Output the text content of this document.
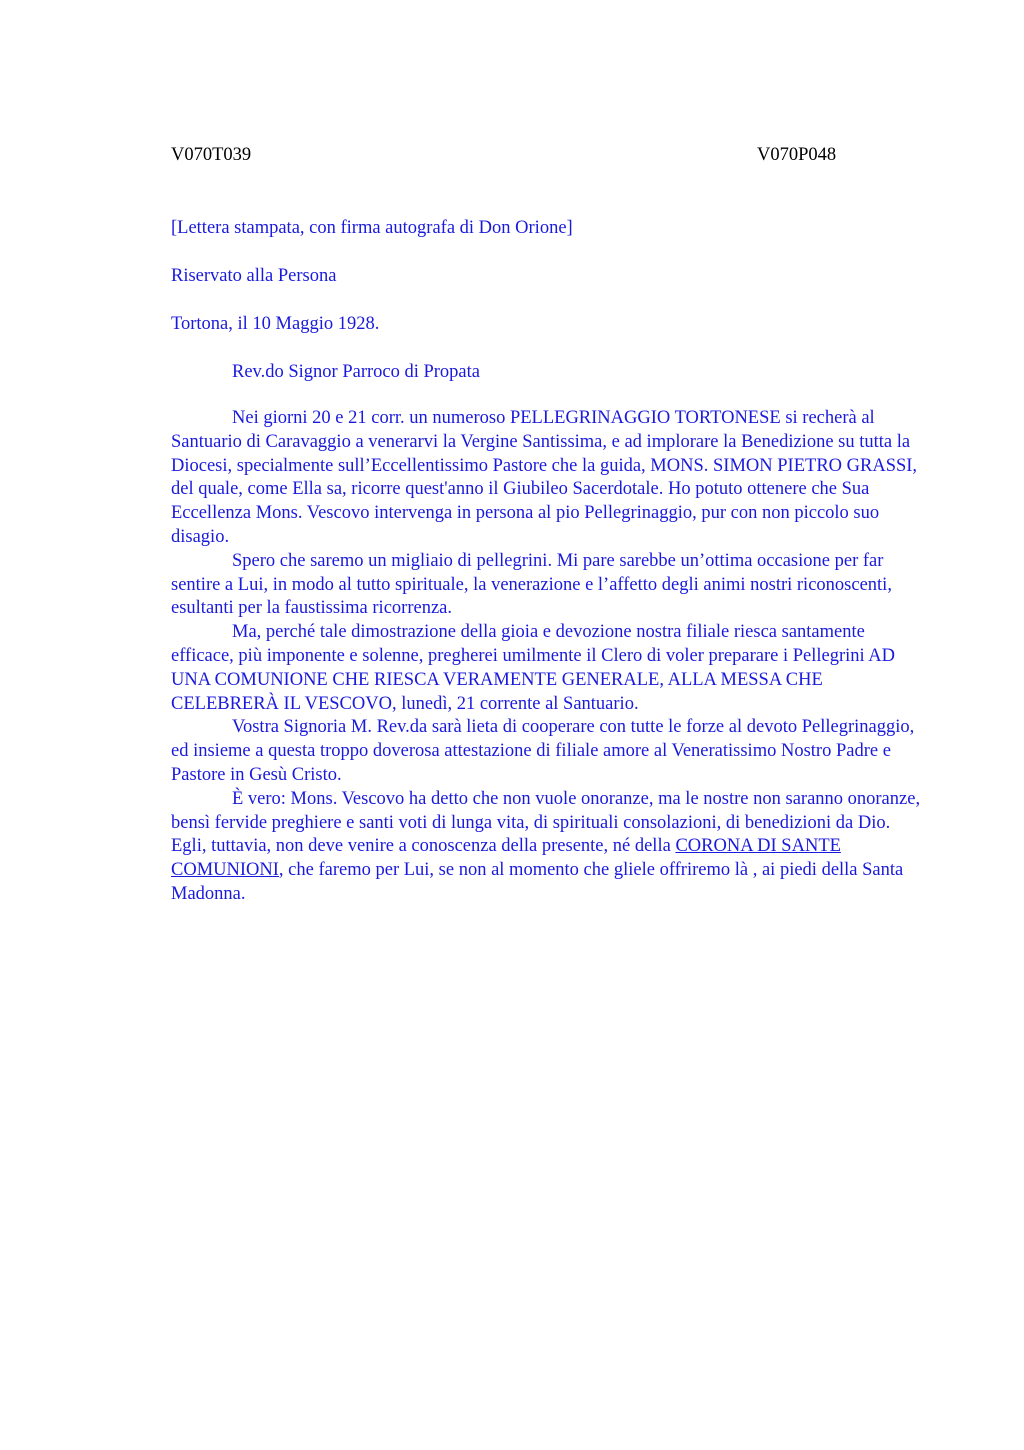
V070T039	V070P048
[Lettera stampata, con firma autografa di Don Orione]
Riservato alla Persona
Tortona, il 10 Maggio 1928.
Rev.do Signor Parroco di Propata

Nei giorni 20 e 21 corr. un numeroso PELLEGRINAGGIO TORTONESE si recherà al Santuario di Caravaggio a venerarvi la Vergine Santissima, e ad implorare la Benedizione su tutta la Diocesi, specialmente sull’Eccellentissimo Pastore che la guida, MONS. SIMON PIETRO GRASSI, del quale, come Ella sa, ricorre quest'anno il Giubileo Sacerdotale. Ho potuto ottenere che Sua Eccellenza Mons. Vescovo intervenga in persona al pio Pellegrinaggio, pur con non piccolo suo disagio.

Spero che saremo un migliaio di pellegrini. Mi pare sarebbe un’ottima occasione per far sentire a Lui, in modo al tutto spirituale, la venerazione e l’affetto degli animi nostri riconoscenti, esultanti per la faustissima ricorrenza.

Ma, perché tale dimostrazione della gioia e devozione nostra filiale riesca santamente efficace, più imponente e solenne, pregherei umilmente il Clero di voler preparare i Pellegrini AD UNA COMUNIONE CHE RIESCA VERAMENTE GENERALE, ALLA MESSA CHE CELEBRERÀ IL VESCOVO, lunedì, 21 corrente al Santuario.

Vostra Signoria M. Rev.da sarà lieta di cooperare con tutte le forze al devoto Pellegrinaggio, ed insieme a questa troppo doverosa attestazione di filiale amore al Veneratissimo Nostro Padre e Pastore in Gesù Cristo.

È vero: Mons. Vescovo ha detto che non vuole onoranze, ma le nostre non saranno onoranze, bensì fervide preghiere e santi voti di lunga vita, di spirituali consolazioni, di benedizioni da Dio. Egli, tuttavia, non deve venire a conoscenza della presente, né della CORONA DI SANTE COMUNIONI, che faremo per Lui, se non al momento che gliele offriremo là , ai piedi della Santa Madonna.
